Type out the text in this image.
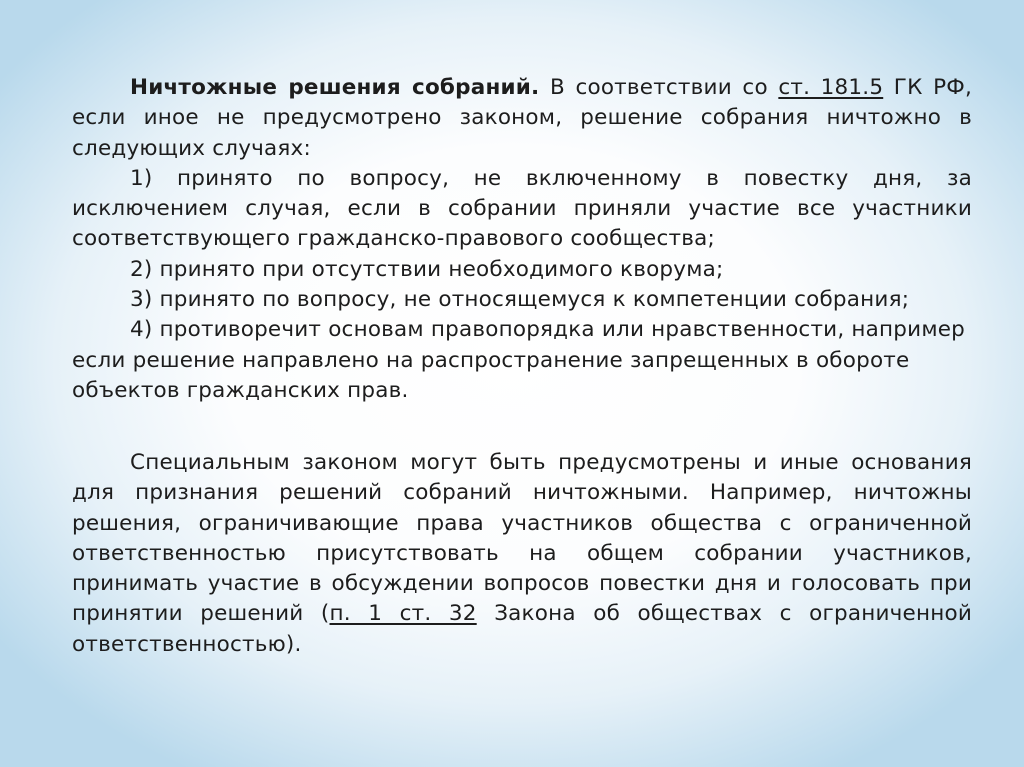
Ничтожные решения собраний. В соответствии со ст. 181.5 ГК РФ, если иное не предусмотрено законом, решение собрания ничтожно в следующих случаях:

1) принято по вопросу, не включенному в повестку дня, за исключением случая, если в собрании приняли участие все участники соответствующего гражданско-правового сообщества;

2) принято при отсутствии необходимого кворума;

3) принято по вопросу, не относящемуся к компетенции собрания;

4) противоречит основам правопорядка или нравственности, например если решение направлено на распространение запрещенных в обороте объектов гражданских прав.

Специальным законом могут быть предусмотрены и иные основания для признания решений собраний ничтожными. Например, ничтожны решения, ограничивающие права участников общества с ограниченной ответственностью присутствовать на общем собрании участников, принимать участие в обсуждении вопросов повестки дня и голосовать при принятии решений (п. 1 ст. 32 Закона об обществах с ограниченной ответственностью).
